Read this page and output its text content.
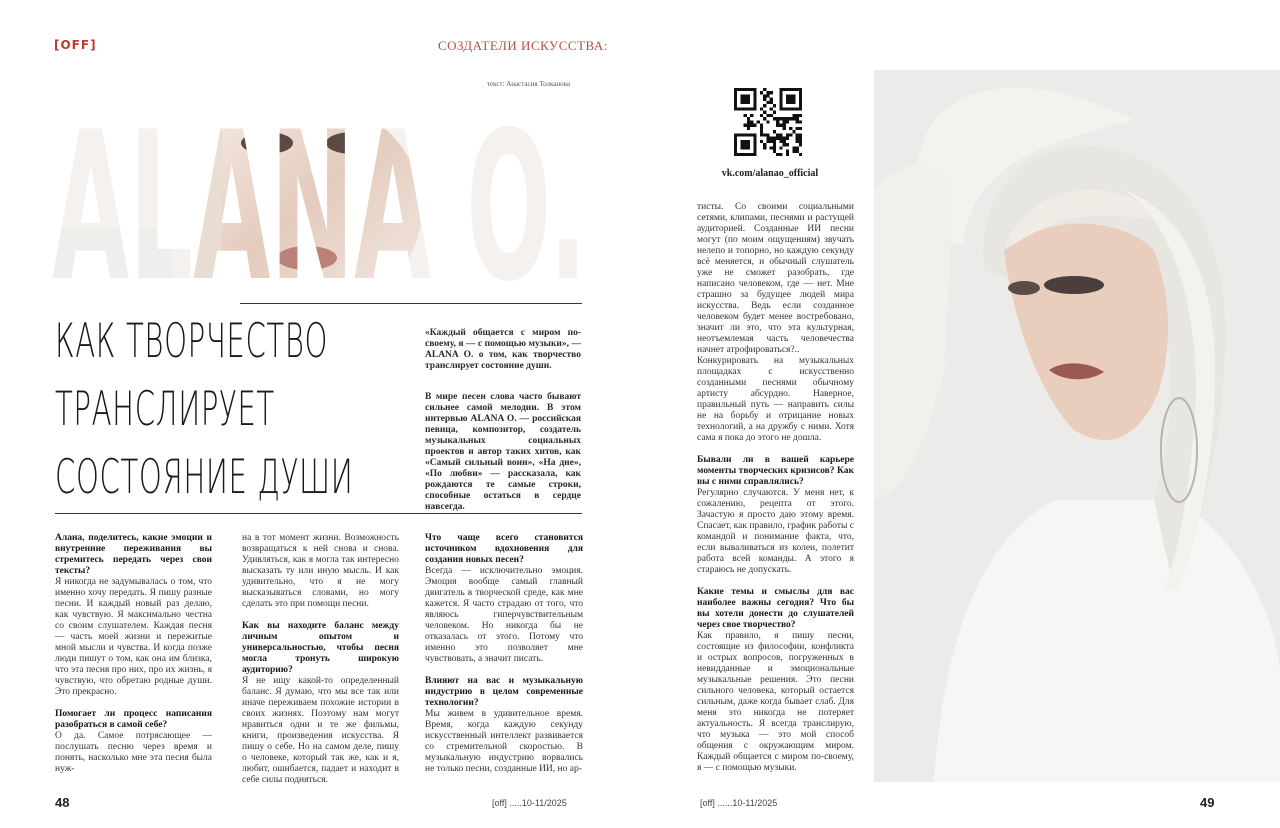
[OFF]	СОЗДАТЕЛИ ИСКУССТВА:
текст: Анастасия Толканова
КАК ТВОРЧЕСТВО
ТРАНСЛИРУЕТ
СОСТОЯНИЕ ДУШИ
«Каждый общается с миром по-своему, я — с помощью музыки», — ALANA O. о том, как творчество транслирует состояние души.
В мире песен слова часто бывают сильнее самой мелодии. В этом интервью ALANA O. — российская певица, композитор, создатель музыкальных социальных проектов и автор таких хитов, как «Самый сильный воин», «На дне», «По любви» — рассказала, как рождаются те самые строки, способные остаться в сердце навсегда.

Алана, поделитесь, какие эмоции и внутренние переживания вы стремитесь передать через свои тексты?

Я никогда не задумывалась о том, что именно хочу передать. Я пишу разные песни. И каждый новый раз делаю, как чувствую. Я максимально честна со своим слушателем. Каждая песня — часть моей жизни и пережитые мной мысли и чувства. И когда позже люди пишут о том, как она им близка, что эта песня про них, про их жизнь, я чувствую, что обретаю родные души. Это прекрасно.

Помогает ли процесс написания разобраться в самой себе?

О да. Самое потрясающее — послушать песню через время и понять, насколько мне эта песня была нуж-

на в тот момент жизни. Возможность возвращаться к ней снова и снова. Удивляться, как я могла так интересно высказать ту или иную мысль. И как удивительно, что я не могу высказываться словами, но могу сделать это при помощи песни.

Как вы находите баланс между личным опытом и универсальностью, чтобы песня могла тронуть широкую аудиторию?

Я не ищу какой-то определенный баланс. Я думаю, что мы все так или иначе переживаем похожие истории в своих жизнях. Поэтому нам могут нравиться одни и те же фильмы, книги, произведения искусства. Я пишу о себе. Но на самом деле, пишу о человеке, который так же, как и я, любит, ошибается, падает и находит в себе силы подняться.

Что чаще всего становится источником вдохновения для создания новых песен?

Всегда — исключительно эмоция. Эмоция вообще самый главный двигатель в творческой среде, как мне кажется. Я часто страдаю от того, что являюсь гиперчувствительным человеком. Но никогда бы не отказалась от этого. Потому что именно это позволяет мне чувствовать, а значит писать.

Влияют на вас и музыкальную индустрию в целом современные технологии?

Мы живем в удивительное время. Время, когда каждую секунду искусственный интеллект развивается со стремительной скоростью. В музыкальную индустрию ворвались не только песни, созданные ИИ, но ар-

48	[off] .....10-11/2025
vk.com/alanao_official

тисты. Со своими социальными сетями, клипами, песнями и растущей аудиторией. Созданные ИИ песни могут (по моим ощущениям) звучать нелепо и топорно, но каждую секунду всё меняется, и обычный слушатель уже не сможет разобрать, где написано человеком, где — нет. Мне страшно за будущее людей мира искусства. Ведь если созданное человеком будет менее востребовано, значит ли это, что эта культурная, неотъемлемая часть человечества начнет атрофироваться?..

Конкурировать на музыкальных площадках с искусственно созданными песнями обычному артисту абсурдно. Наверное, правильный путь — направить силы не на борьбу и отрицание новых технологий, а на дружбу с ними. Хотя сама я пока до этого не дошла.

Бывали ли в вашей карьере моменты творческих кризисов? Как вы с ними справлялись?

Регулярно случаются. У меня нет, к сожалению, рецепта от этого. Зачастую я просто даю этому время. Спасает, как правило, график работы с командой и понимание факта, что, если вываливаться из колеи, полетит работа всей команды. А этого я стараюсь не допускать.

Какие темы и смыслы для вас наиболее важны сегодня? Что бы вы хотели донести до слушателей через свое творчество?

Как правило, я пишу песни, состоящие из философии, конфликта и острых вопросов, погруженных в невидданные и эмоциональные музыкальные решения. Это песни сильного человека, который остается сильным, даже когда бывает слаб. Для меня это никогда не потеряет актуальность. Я всегда транслирую, что музыка — это мой способ общения с окружающим миром. Каждый общается с миром по-своему, я — с помощью музыки.

[off] ......10-11/2025	49
